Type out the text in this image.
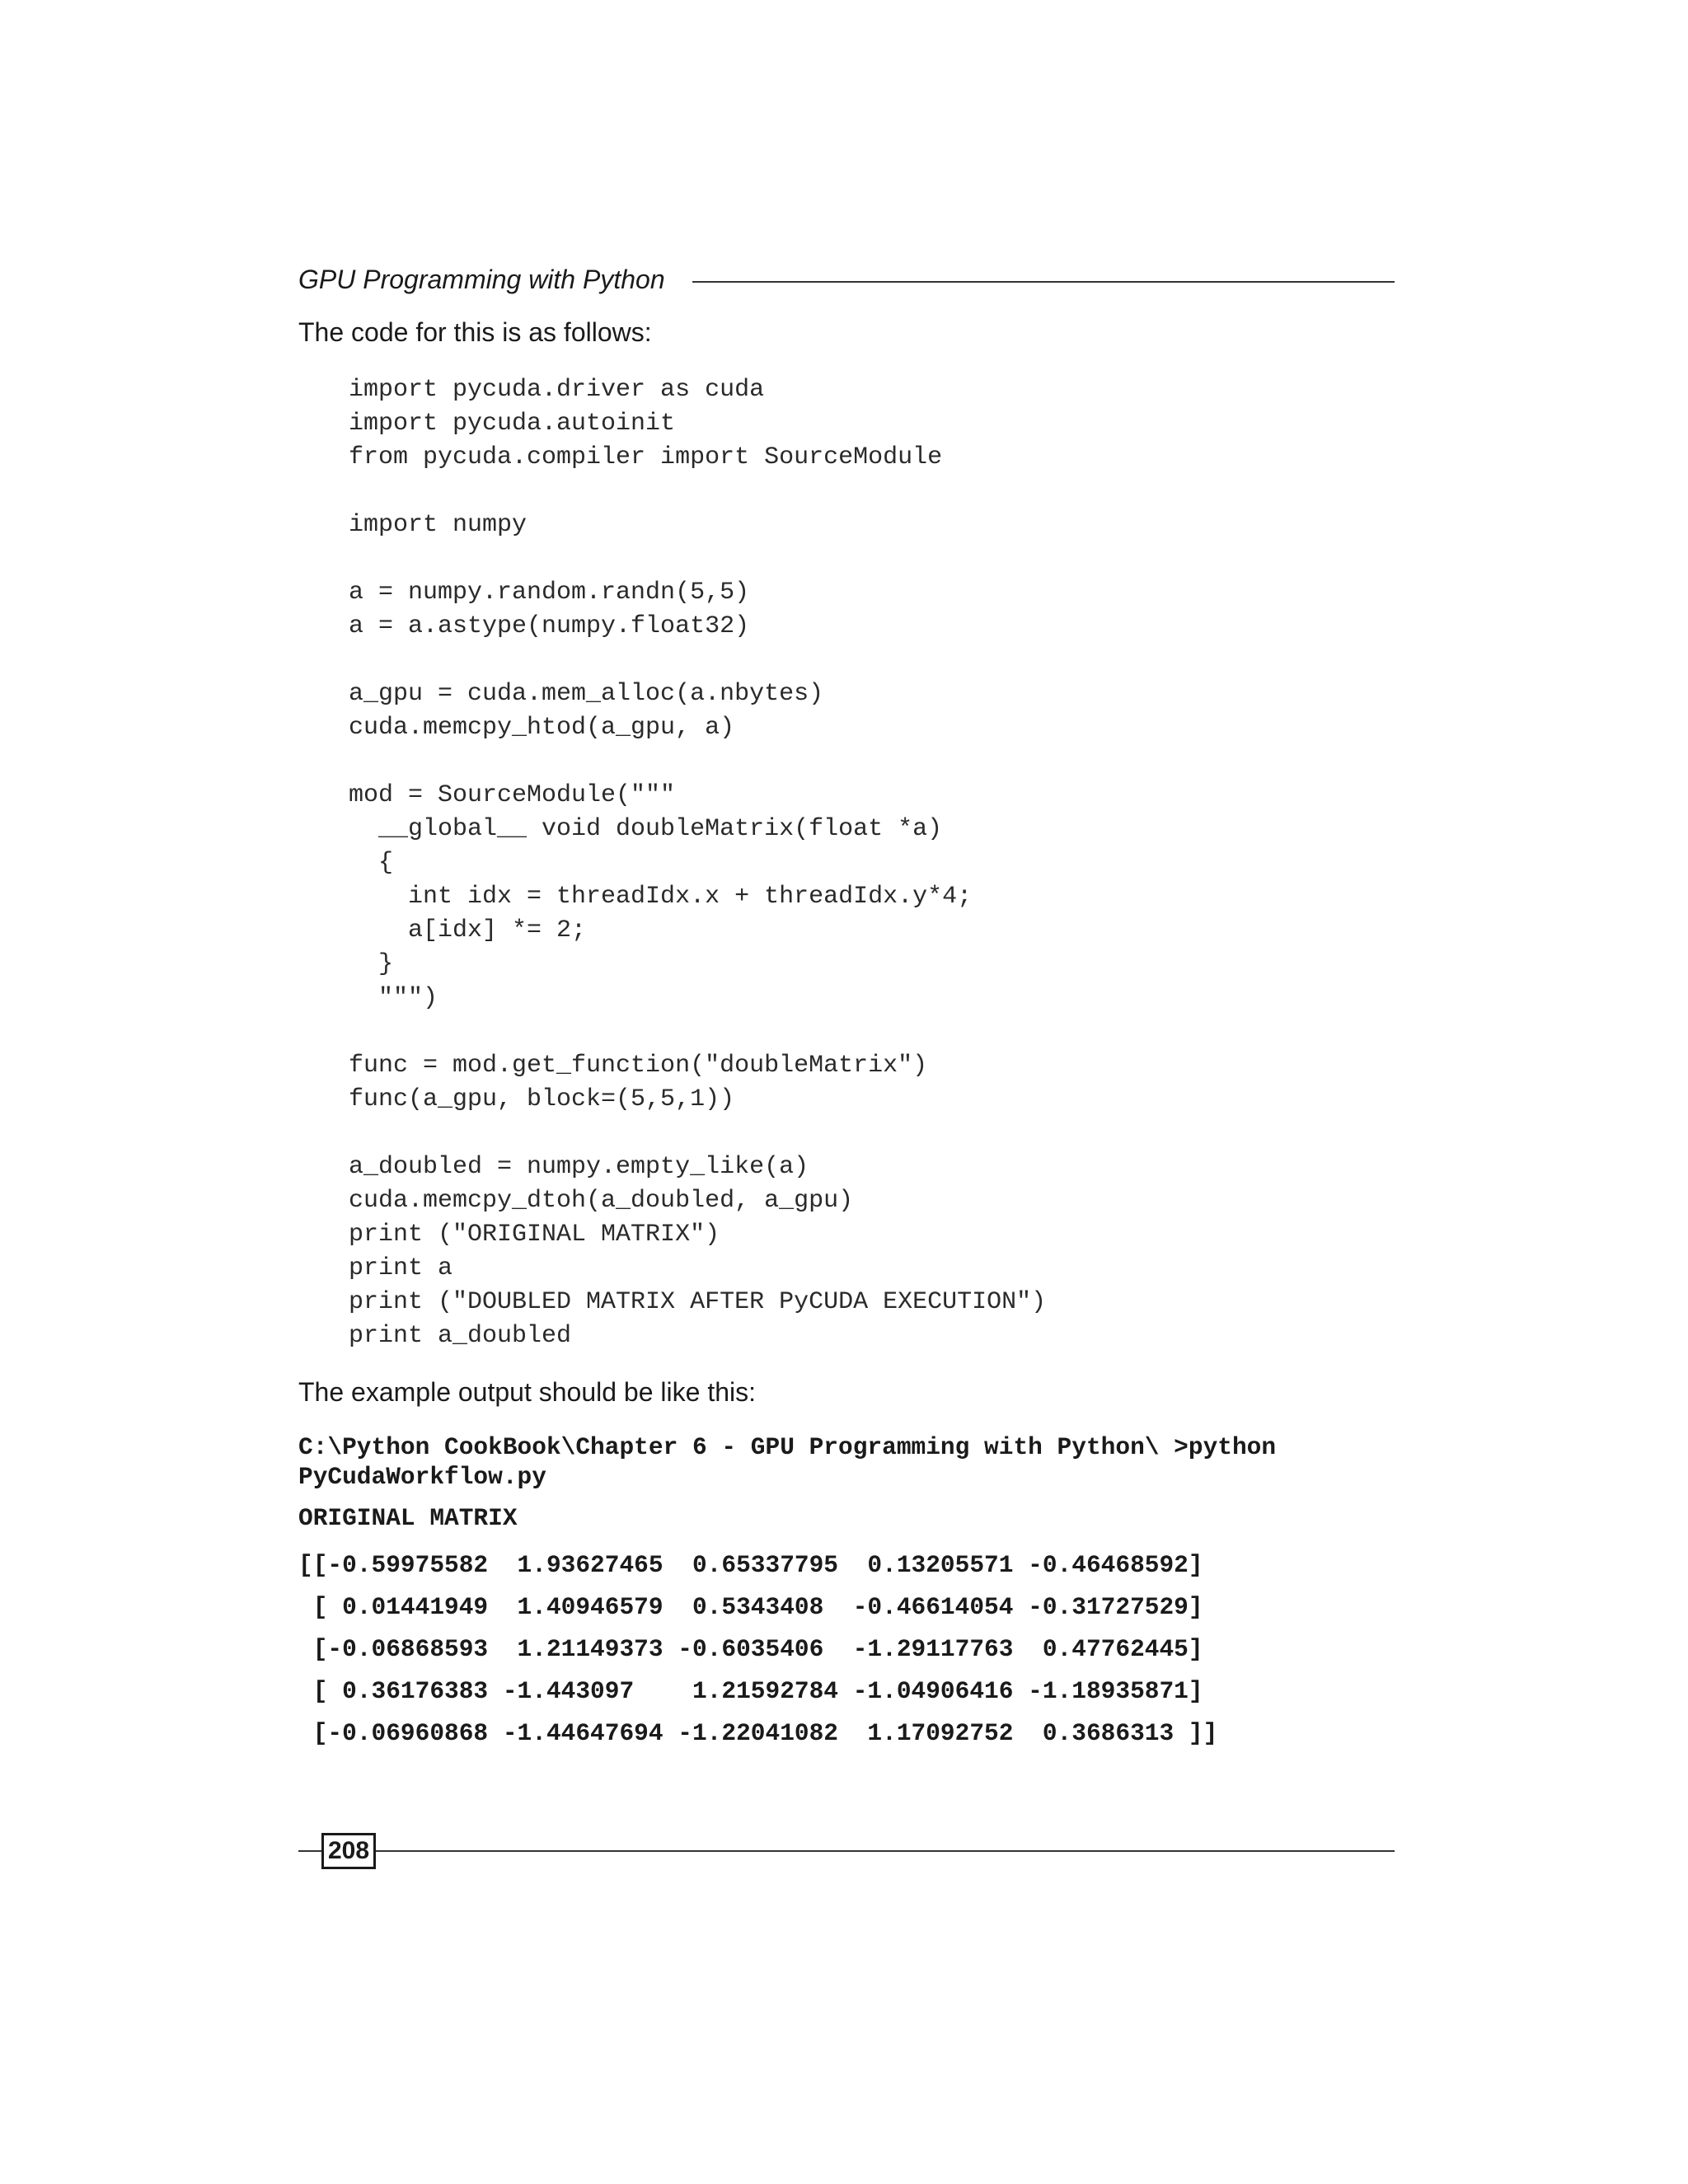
GPU Programming with Python
The code for this is as follows:
import pycuda.driver as cuda
import pycuda.autoinit
from pycuda.compiler import SourceModule
import numpy
a = numpy.random.randn(5,5)
a = a.astype(numpy.float32)
a_gpu = cuda.mem_alloc(a.nbytes)
cuda.memcpy_htod(a_gpu, a)
mod = SourceModule("""
__global__ void doubleMatrix(float *a)
{
int idx = threadIdx.x + threadIdx.y*4;
a[idx] *= 2;
}
""")
func = mod.get_function("doubleMatrix")
func(a_gpu, block=(5,5,1))
a_doubled = numpy.empty_like(a)
cuda.memcpy_dtoh(a_doubled, a_gpu)
print ("ORIGINAL MATRIX")
print a
print ("DOUBLED MATRIX AFTER PyCUDA EXECUTION")
print a_doubled
The example output should be like this:
C:\Python CookBook\Chapter 6 - GPU Programming with Python\ >python
PyCudaWorkflow.py
ORIGINAL MATRIX
[[-0.59975582  1.93627465  0.65337795  0.13205571 -0.46468592]
[ 0.01441949  1.40946579  0.5343408  -0.46614054 -0.31727529]
[-0.06868593  1.21149373 -0.6035406  -1.29117763  0.47762445]
[ 0.36176383 -1.443097    1.21592784 -1.04906416 -1.18935871]
[-0.06960868 -1.44647694 -1.22041082  1.17092752  0.3686313 ]]
208
